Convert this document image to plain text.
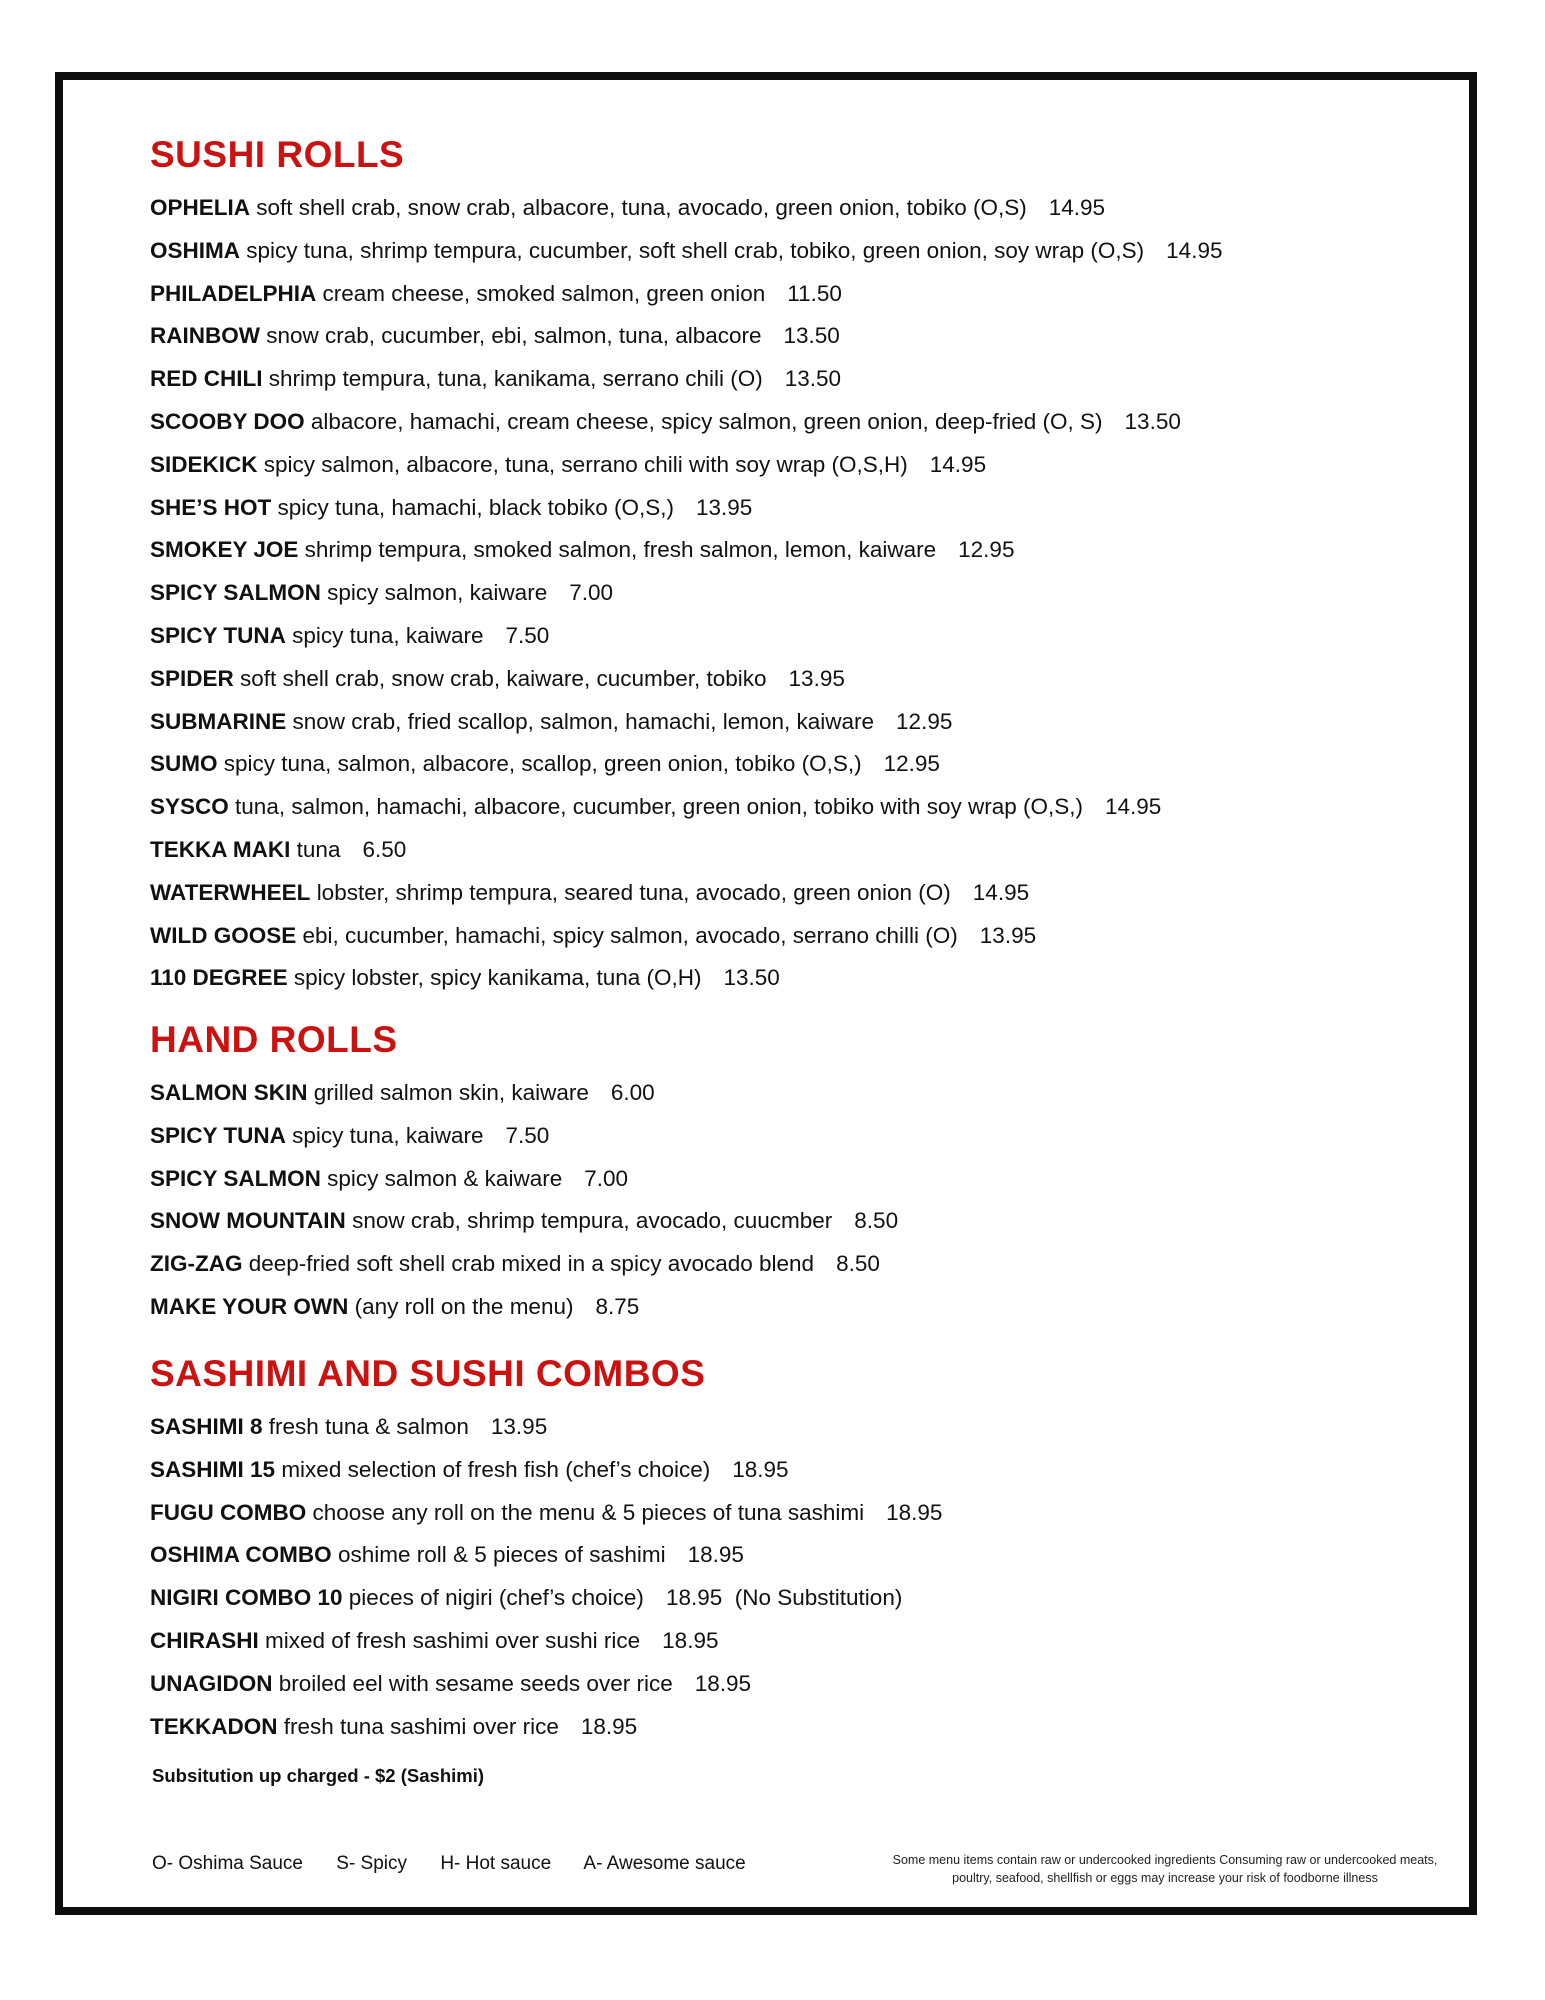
SUSHI ROLLS
OPHELIA soft shell crab, snow crab, albacore, tuna, avocado, green onion, tobiko (O,S) 14.95
OSHIMA spicy tuna, shrimp tempura, cucumber, soft shell crab, tobiko, green onion, soy wrap (O,S) 14.95
PHILADELPHIA cream cheese, smoked salmon, green onion 11.50
RAINBOW snow crab, cucumber, ebi, salmon, tuna, albacore 13.50
RED CHILI shrimp tempura, tuna, kanikama, serrano chili (O) 13.50
SCOOBY DOO albacore, hamachi, cream cheese, spicy salmon, green onion, deep-fried (O, S) 13.50
SIDEKICK spicy salmon, albacore, tuna, serrano chili with soy wrap (O,S,H) 14.95
SHE’S HOT spicy tuna, hamachi, black tobiko (O,S,) 13.95
SMOKEY JOE shrimp tempura, smoked salmon, fresh salmon, lemon, kaiware 12.95
SPICY SALMON spicy salmon, kaiware 7.00
SPICY TUNA spicy tuna, kaiware 7.50
SPIDER soft shell crab, snow crab, kaiware, cucumber, tobiko 13.95
SUBMARINE snow crab, fried scallop, salmon, hamachi, lemon, kaiware 12.95
SUMO spicy tuna, salmon, albacore, scallop, green onion, tobiko (O,S,) 12.95
SYSCO tuna, salmon, hamachi, albacore, cucumber, green onion, tobiko with soy wrap (O,S,) 14.95
TEKKA MAKI tuna 6.50
WATERWHEEL lobster, shrimp tempura, seared tuna, avocado, green onion (O) 14.95
WILD GOOSE ebi, cucumber, hamachi, spicy salmon, avocado, serrano chilli (O) 13.95
110 DEGREE spicy lobster, spicy kanikama, tuna (O,H) 13.50
HAND ROLLS
SALMON SKIN grilled salmon skin, kaiware 6.00
SPICY TUNA spicy tuna, kaiware 7.50
SPICY SALMON spicy salmon & kaiware 7.00
SNOW MOUNTAIN snow crab, shrimp tempura, avocado, cuucmber 8.50
ZIG-ZAG deep-fried soft shell crab mixed in a spicy avocado blend 8.50
MAKE YOUR OWN (any roll on the menu) 8.75
SASHIMI AND SUSHI COMBOS
SASHIMI 8 fresh tuna & salmon 13.95
SASHIMI 15 mixed selection of fresh fish (chef’s choice) 18.95
FUGU COMBO choose any roll on the menu & 5 pieces of tuna sashimi 18.95
OSHIMA COMBO oshime roll & 5 pieces of sashimi 18.95
NIGIRI COMBO 10 pieces of nigiri (chef’s choice) 18.95  (No Substitution)
CHIRASHI mixed of fresh sashimi over sushi rice 18.95
UNAGIDON broiled eel with sesame seeds over rice 18.95
TEKKADON fresh tuna sashimi over rice 18.95
Subsitution up charged - $2 (Sashimi)
O- Oshima Sauce S- Spicy H- Hot sauce A- Awesome sauce	Some menu items contain raw or undercooked ingredients Consuming raw or undercooked meats,
poultry, seafood, shellfish or eggs may increase your risk of foodborne illness
